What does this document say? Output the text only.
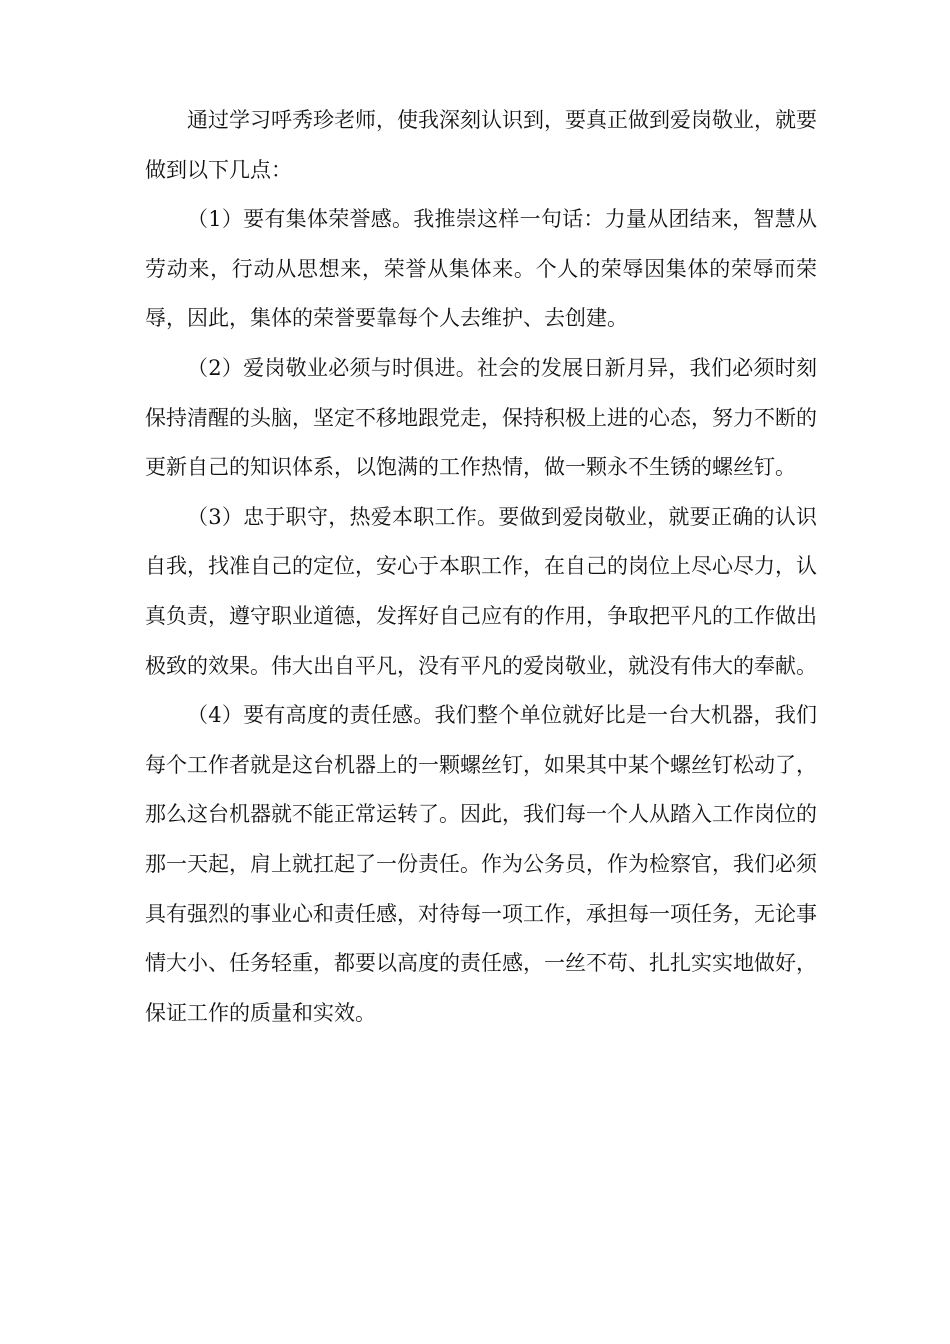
通过学习呼秀珍老师，使我深刻认识到，要真正做到爱岗敬业，就要做到以下几点：

（1）要有集体荣誉感。我推崇这样一句话：力量从团结来，智慧从劳动来，行动从思想来，荣誉从集体来。个人的荣辱因集体的荣辱而荣辱，因此，集体的荣誉要靠每个人去维护、去创建。

（2）爱岗敬业必须与时俱进。社会的发展日新月异，我们必须时刻保持清醒的头脑，坚定不移地跟党走，保持积极上进的心态，努力不断的更新自己的知识体系，以饱满的工作热情，做一颗永不生锈的螺丝钉。

（3）忠于职守，热爱本职工作。要做到爱岗敬业，就要正确的认识自我，找准自己的定位，安心于本职工作，在自己的岗位上尽心尽力，认真负责，遵守职业道德，发挥好自己应有的作用，争取把平凡的工作做出极致的效果。伟大出自平凡，没有平凡的爱岗敬业，就没有伟大的奉献。

（4）要有高度的责任感。我们整个单位就好比是一台大机器，我们每个工作者就是这台机器上的一颗螺丝钉，如果其中某个螺丝钉松动了，那么这台机器就不能正常运转了。因此，我们每一个人从踏入工作岗位的那一天起，肩上就扛起了一份责任。作为公务员，作为检察官，我们必须具有强烈的事业心和责任感，对待每一项工作，承担每一项任务，无论事情大小、任务轻重，都要以高度的责任感，一丝不苟、扎扎实实地做好，保证工作的质量和实效。
